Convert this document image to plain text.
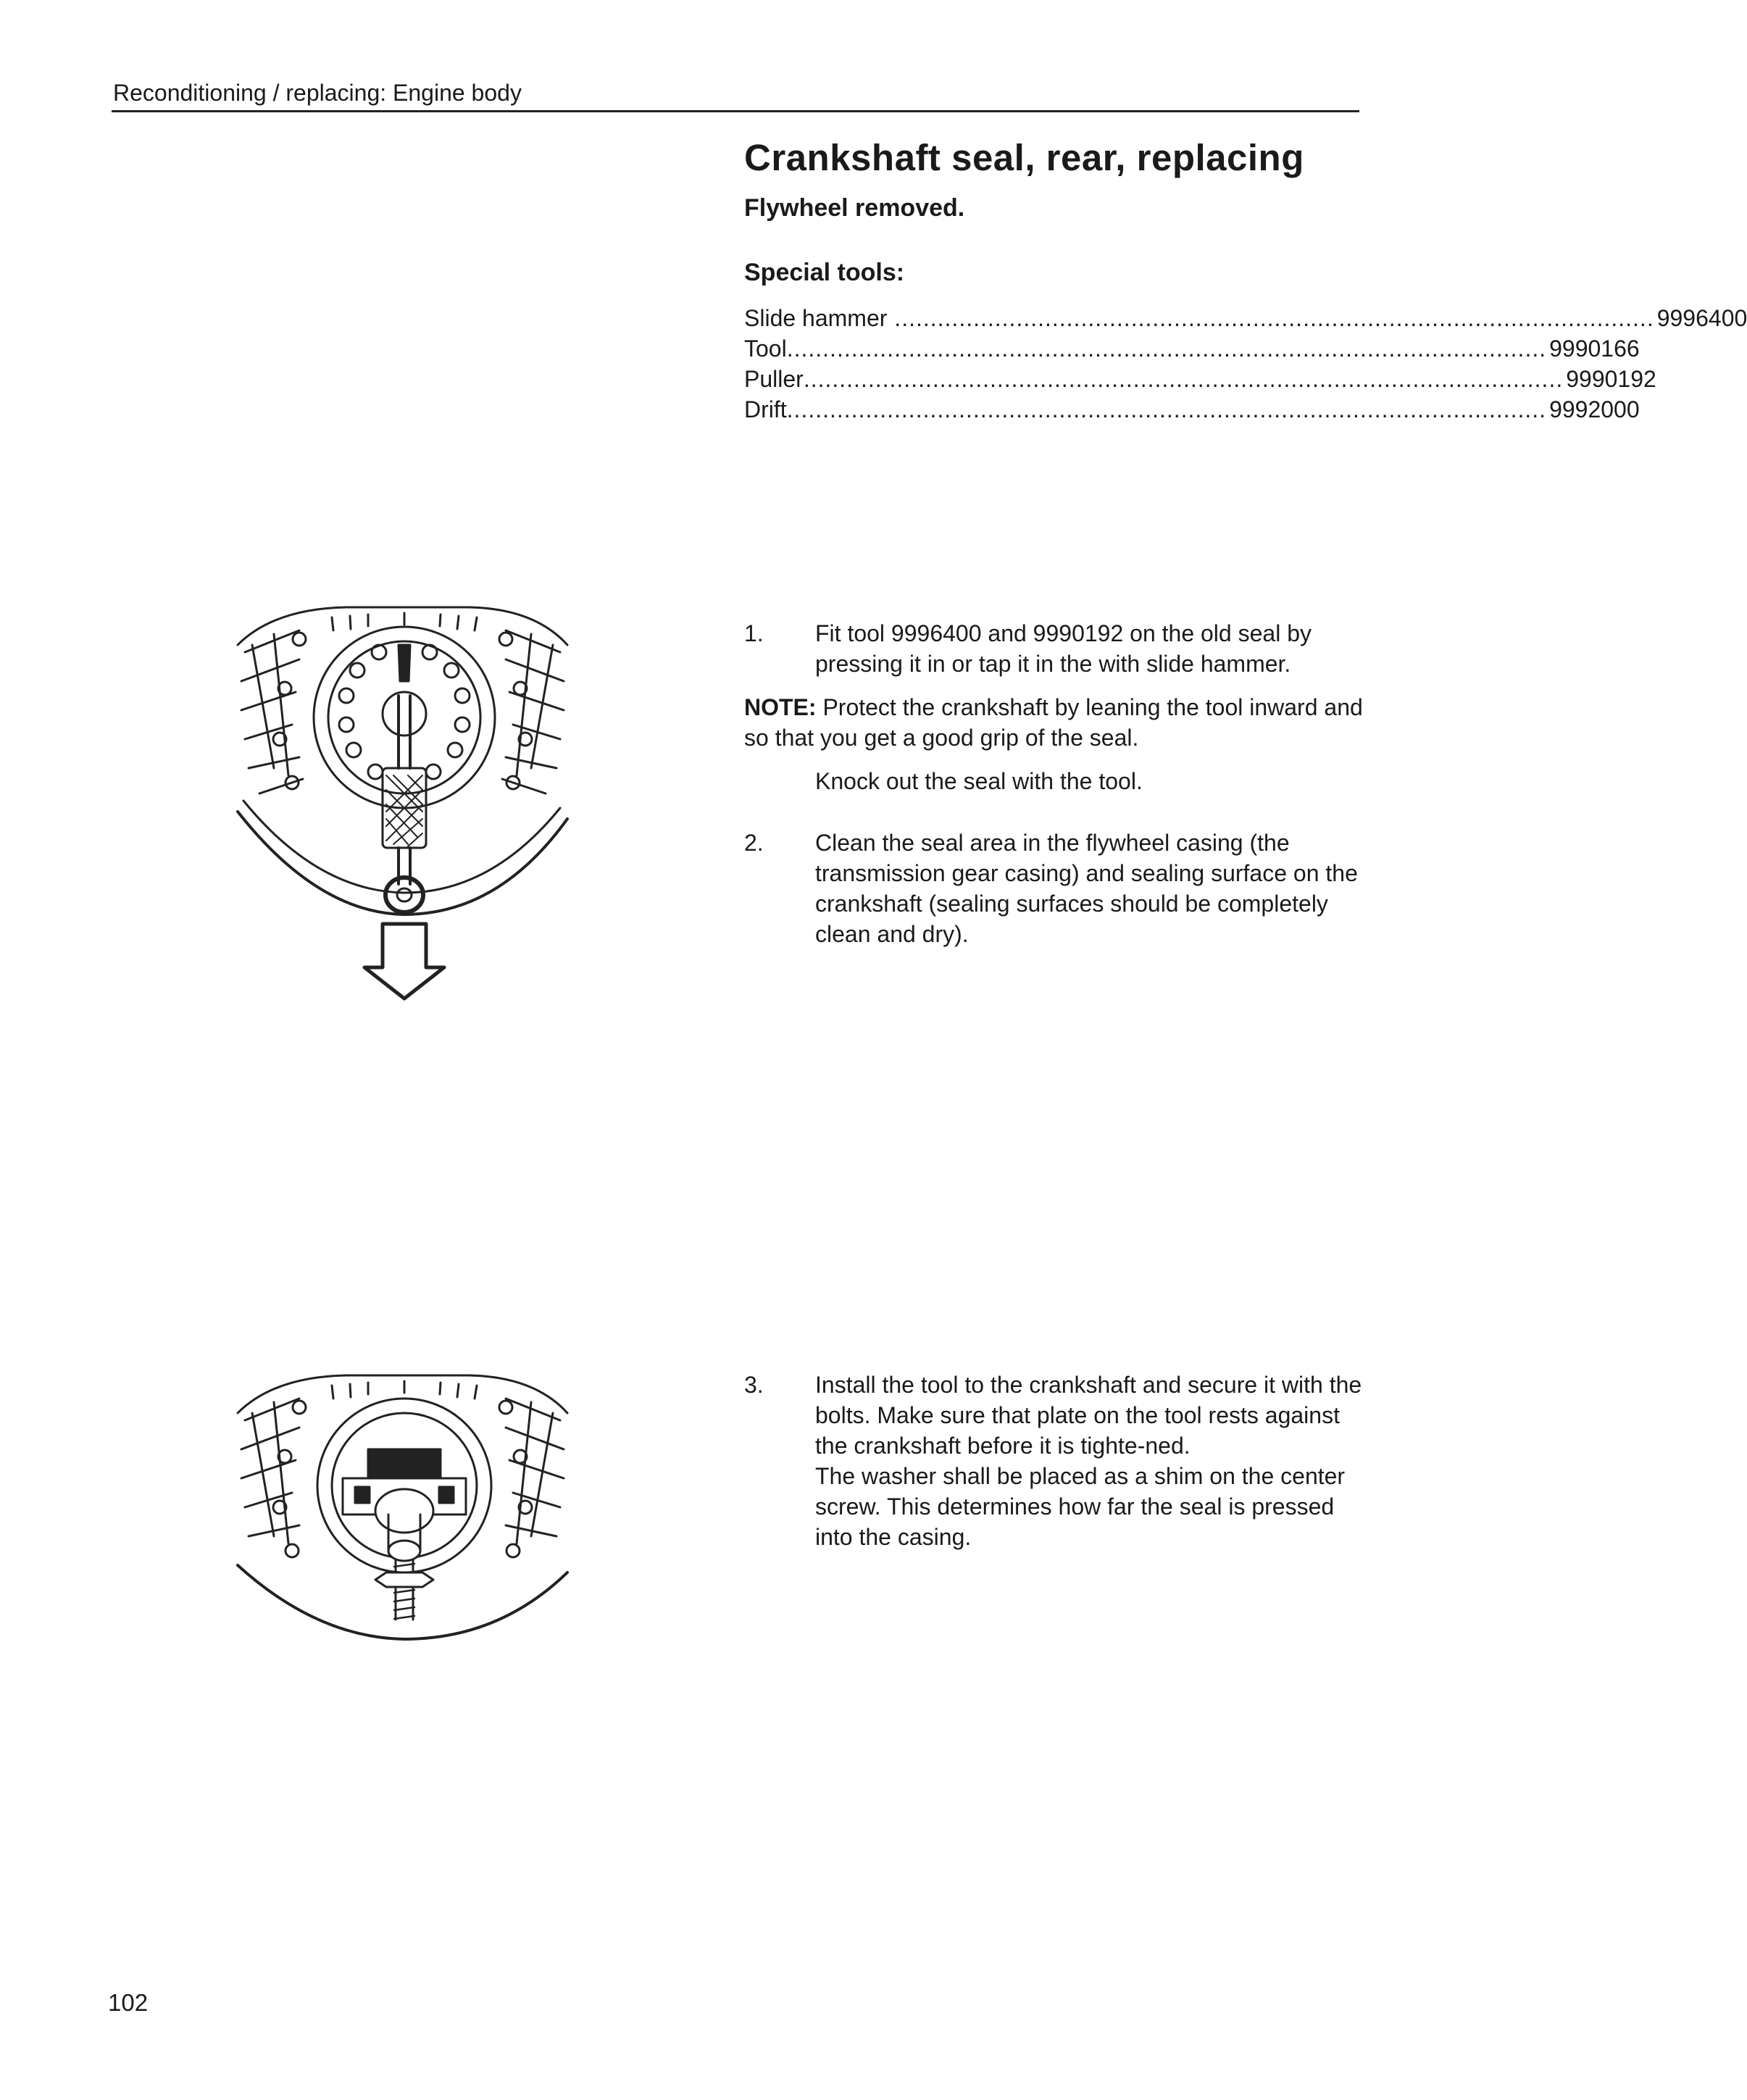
Reconditioning / replacing: Engine body
Crankshaft seal, rear, replacing
Flywheel removed.
Special tools:
Slide hammer .......................................................................................................... 9996400
Tool .......................................................................................................... 9990166
Puller .......................................................................................................... 9990192
Drift .......................................................................................................... 9992000
1. Fit tool 9996400 and 9990192 on the old seal by pressing it in or tap it in the with slide hammer.
NOTE: Protect the crankshaft by leaning the tool inward and so that you get a good grip of the seal.
Knock out the seal with the tool.
2. Clean the seal area in the flywheel casing (the transmission gear casing) and sealing surface on the crankshaft (sealing surfaces should be completely clean and dry).
3. Install the tool to the crankshaft and secure it with the bolts. Make sure that plate on the tool rests against the crankshaft before it is tighte-ned.
The washer shall be placed as a shim on the center screw. This determines how far the seal is pressed into the casing.
102
